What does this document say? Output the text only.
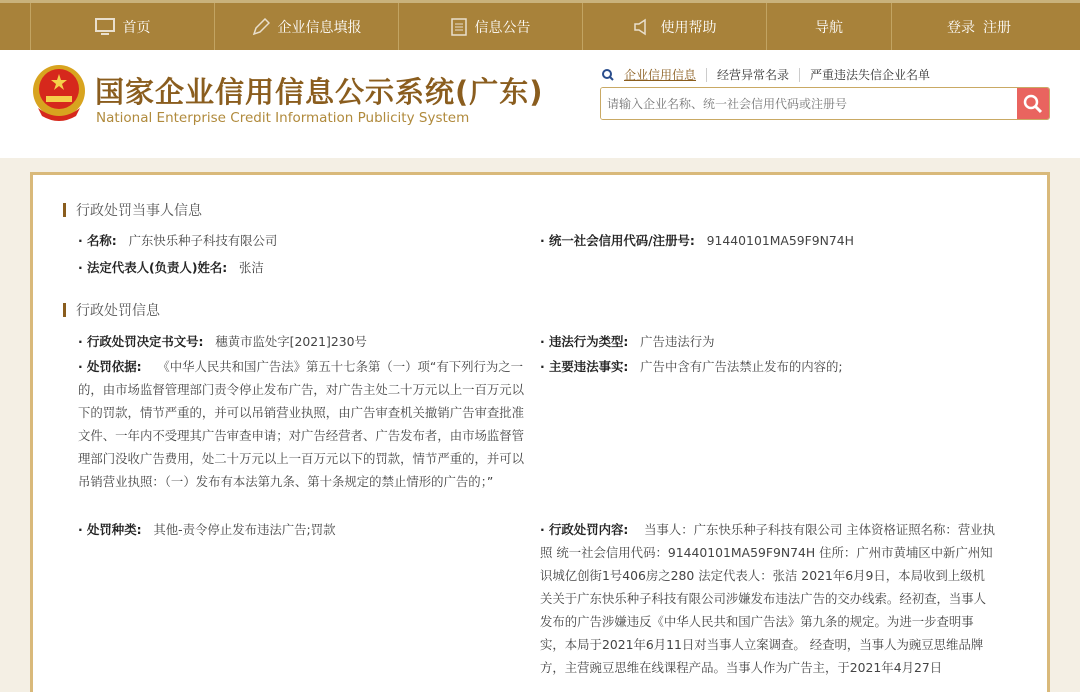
首页	企业信息填报	信息公告	使用帮助	导航	登录 注册
国家企业信用信息公示系统(广东)
National Enterprise Credit Information Publicity System
企业信用信息 经营异常名录 严重违法失信企业名单
请输入企业名称、统一社会信用代码或注册号
行政处罚当事人信息
· 名称: 广东快乐种子科技有限公司	· 统一社会信用代码/注册号: 91440101MA59F9N74H
· 法定代表人(负责人)姓名: 张洁
行政处罚信息
· 行政处罚决定书文号: 穗黄市监处字[2021]230号	· 违法行为类型: 广告违法行为
· 处罚依据: 《中华人民共和国广告法》第五十七条第（一）项“有下列行为之一的，由市场监督管理部门责令停止发布广告，对广告主处二十万元以上一百万元以下的罚款，情节严重的，并可以吊销营业执照，由广告审查机关撤销广告审查批准文件、一年内不受理其广告审查申请；对广告经营者、广告发布者，由市场监督管理部门没收广告费用，处二十万元以上一百万元以下的罚款，情节严重的，并可以吊销营业执照：（一）发布有本法第九条、第十条规定的禁止情形的广告的；”
· 主要违法事实: 广告中含有广告法禁止发布的内容的;
· 处罚种类: 其他-责令停止发布违法广告;罚款	· 行政处罚内容: 当事人：广东快乐种子科技有限公司 主体资格证照名称：营业执照 统一社会信用代码：91440101MA59F9N74H 住所：广州市黄埔区中新广州知识城亿创街1号406房之280 法定代表人：张洁 2021年6月9日，本局收到上级机关关于广东快乐种子科技有限公司涉嫌发布违法广告的交办线索。经初查，当事人发布的广告涉嫌违反《中华人民共和国广告法》第九条的规定。为进一步查明事实，本局于2021年6月11日对当事人立案调查。 经查明，当事人为豌豆思维品牌方，主营豌豆思维在线课程产品。当事人作为广告主，于2021年4月27日
